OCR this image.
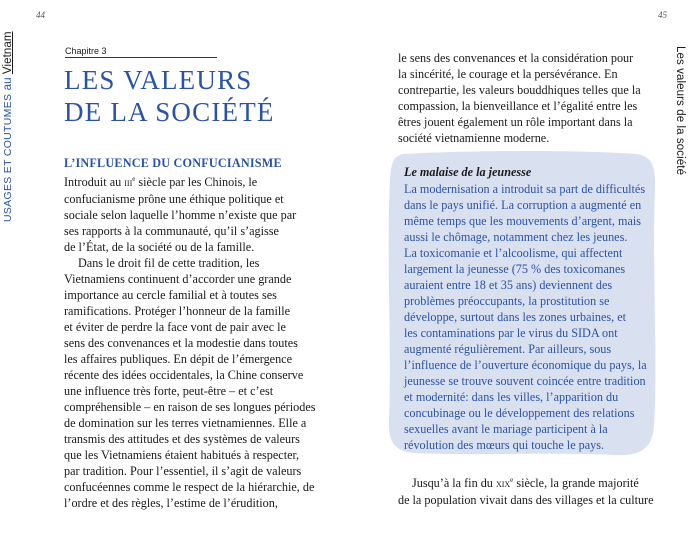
44	45
USAGES ET COUTUMES au Vietnam	Les valeurs de la société
Chapitre 3
LES VALEURS
DE LA SOCIÉTÉ
L’INFLUENCE DU CONFUCIANISME
Introduit au iii$^e$ siècle par les Chinois, le
confucianisme prône une éthique politique et
sociale selon laquelle l’homme n’existe que par
ses rapports à la communauté, qu’il s’agisse
de l’État, de la société ou de la famille.
Dans le droit fil de cette tradition, les
Vietnamiens continuent d’accorder une grande
importance au cercle familial et à toutes ses
ramifications. Protéger l’honneur de la famille
et éviter de perdre la face vont de pair avec le
sens des convenances et la modestie dans toutes
les affaires publiques. En dépit de l’émergence
récente des idées occidentales, la Chine conserve
une influence très forte, peut-être – et c’est
compréhensible – en raison de ses longues périodes
de domination sur les terres vietnamiennes. Elle a
transmis des attitudes et des systèmes de valeurs
que les Vietnamiens étaient habitués à respecter,
par tradition. Pour l’essentiel, il s’agit de valeurs
confucéennes comme le respect de la hiérarchie, de
l’ordre et des règles, l’estime de l’érudition,
le sens des convenances et la considération pour
la sincérité, le courage et la persévérance. En
contrepartie, les valeurs bouddhiques telles que la
compassion, la bienveillance et l’égalité entre les
êtres jouent également un rôle important dans la
société vietnamienne moderne.
Le malaise de la jeunesse
La modernisation a introduit sa part de difficultés
dans le pays unifié. La corruption a augmenté en
même temps que les mouvements d’argent, mais
aussi le chômage, notamment chez les jeunes.
La toxicomanie et l’alcoolisme, qui affectent
largement la jeunesse (75 % des toxicomanes
auraient entre 18 et 35 ans) deviennent des
problèmes préoccupants, la prostitution se
développe, surtout dans les zones urbaines, et
les contaminations par le virus du SIDA ont
augmenté régulièrement. Par ailleurs, sous
l’influence de l’ouverture économique du pays, la
jeunesse se trouve souvent coincée entre tradition
et modernité: dans les villes, l’apparition du
concubinage ou le développement des relations
sexuelles avant le mariage participent à la
révolution des mœurs qui touche le pays.
Jusqu’à la fin du xix$^e$ siècle, la grande majorité
de la population vivait dans des villages et la culture
